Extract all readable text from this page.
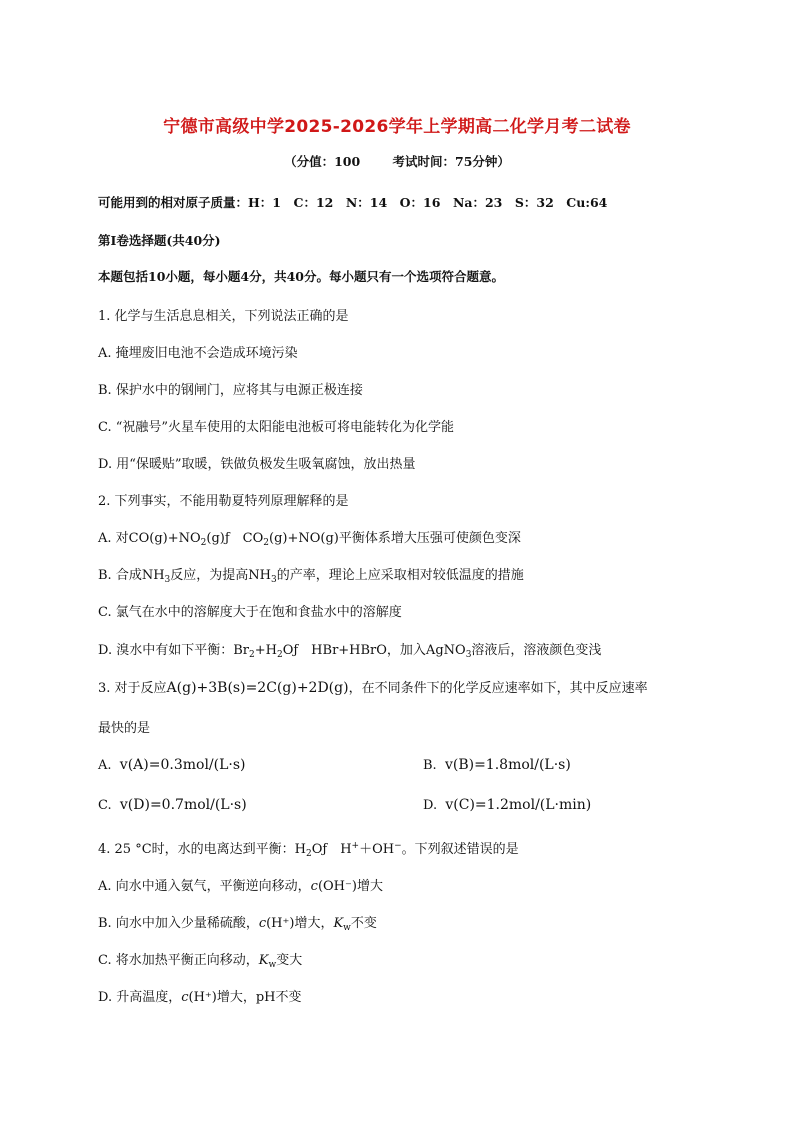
宁德市高级中学2025-2026学年上学期高二化学月考二试卷
（分值：100	考试时间：75分钟）
可能用到的相对原子质量：H：1　C：12　N：14　O：16　Na：23　S：32　Cu:64
第I卷选择题(共40分)
本题包括10小题，每小题4分，共40分。每小题只有一个选项符合题意。
1. 化学与生活息息相关，下列说法正确的是
A. 掩埋废旧电池不会造成环境污染
B. 保护水中的钢闸门，应将其与电源正极连接
C. “祝融号”火星车使用的太阳能电池板可将电能转化为化学能
D. 用“保暖贴”取暖，铁做负极发生吸氧腐蚀，放出热量
2. 下列事实，不能用勒夏特列原理解释的是
A. 对$CO(g)+NO_2(g)ƒ$　$CO_2(g)+NO(g)$平衡体系增大压强可使颜色变深
B. 合成$NH_3$反应，为提高$NH_3$的产率，理论上应采取相对较低温度的措施
C. 氯气在水中的溶解度大于在饱和食盐水中的溶解度
D. 溴水中有如下平衡：$Br_2+H_2Oƒ$　HBr+HBrO，加入AgNO$_3$溶液后，溶液颜色变浅
3. 对于反应A(g)+3B(s)=2C(g)+2D(g)，在不同条件下的化学反应速率如下，其中反应速率
最快的是
A. v(A)=0.3mol/(L·s)	B. v(B)=1.8mol/(L·s)
C. v(D)=0.7mol/(L·s)	D. v(C)=1.2mol/(L·min)
4. 25 °C时，水的电离达到平衡：$H_2Oƒ$　H+＋OH−。下列叙述错误的是
A. 向水中通入氨气，平衡逆向移动，c(OH⁻)增大
B. 向水中加入少量稀硫酸，c(H⁺)增大，$K_w$不变
C. 将水加热平衡正向移动，$K_w$变大
D. 升高温度，c(H⁺)增大，pH不变
